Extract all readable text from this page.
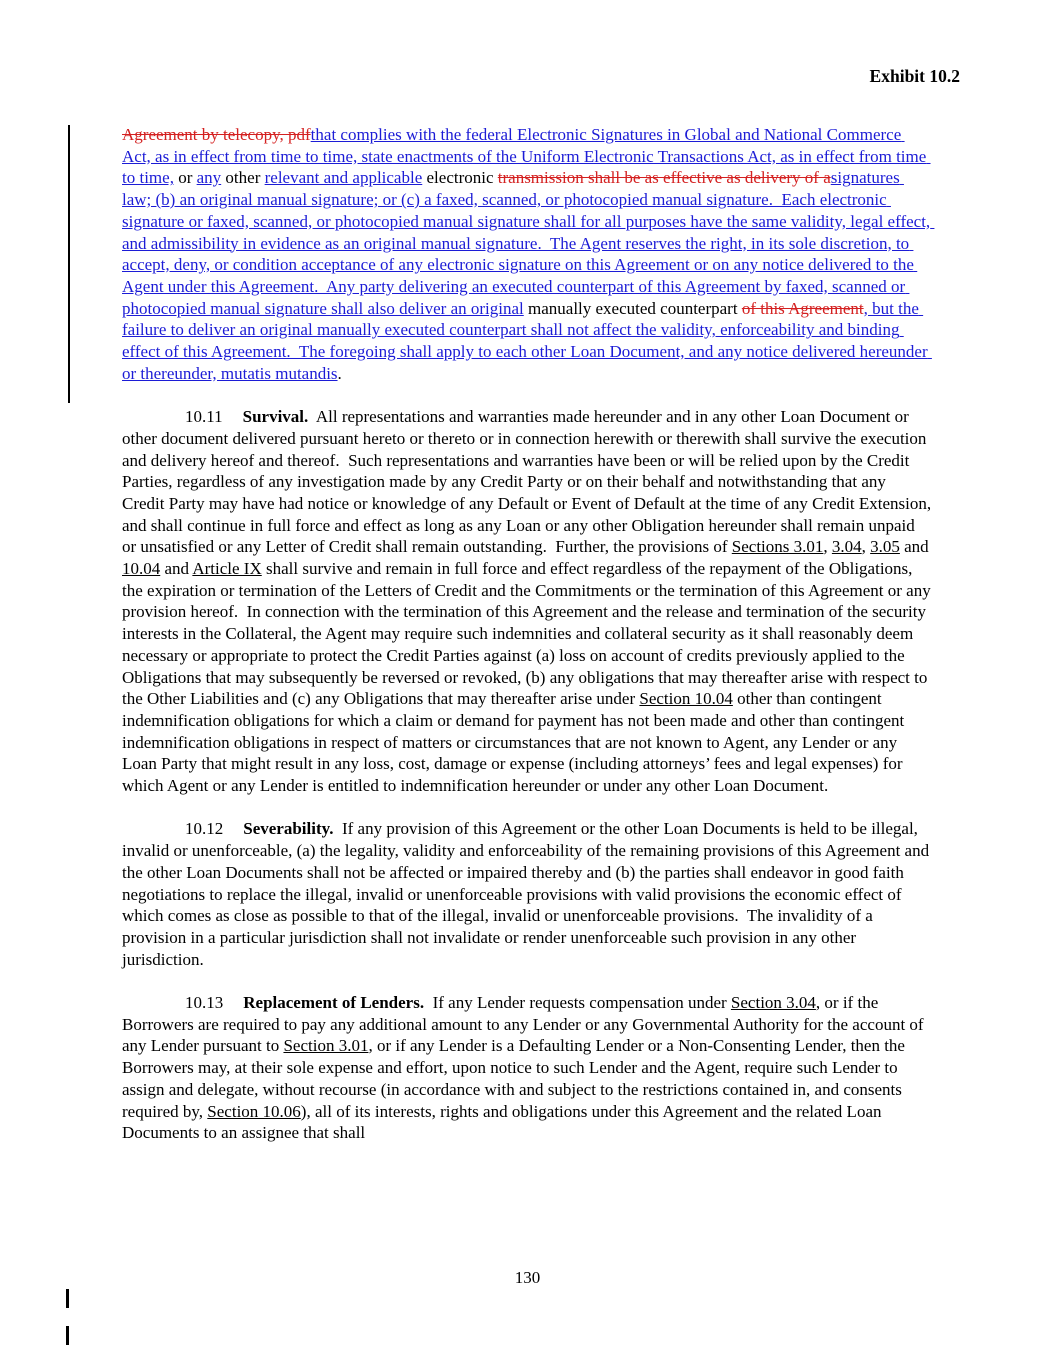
Exhibit 10.2

Agreement by telecopy, pdfthat complies with the federal Electronic Signatures in Global and National Commerce Act, as in effect from time to time, state enactments of the Uniform Electronic Transactions Act, as in effect from time to time, or any other relevant and applicable electronic transmission shall be as effective as delivery of asignatures law; (b) an original manual signature; or (c) a faxed, scanned, or photocopied manual signature.  Each electronic signature or faxed, scanned, or photocopied manual signature shall for all purposes have the same validity, legal effect, and admissibility in evidence as an original manual signature.  The Agent reserves the right, in its sole discretion, to accept, deny, or condition acceptance of any electronic signature on this Agreement or on any notice delivered to the Agent under this Agreement.  Any party delivering an executed counterpart of this Agreement by faxed, scanned or photocopied manual signature shall also deliver an original manually executed counterpart of this Agreement, but the failure to deliver an original manually executed counterpart shall not affect the validity, enforceability and binding effect of this Agreement.  The foregoing shall apply to each other Loan Document, and any notice delivered hereunder or thereunder, mutatis mutandis.

10.11 Survival.  All representations and warranties made hereunder and in any other Loan Document or other document delivered pursuant hereto or thereto or in connection herewith or therewith shall survive the execution and delivery hereof and thereof.  Such representations and warranties have been or will be relied upon by the Credit Parties, regardless of any investigation made by any Credit Party or on their behalf and notwithstanding that any Credit Party may have had notice or knowledge of any Default or Event of Default at the time of any Credit Extension, and shall continue in full force and effect as long as any Loan or any other Obligation hereunder shall remain unpaid or unsatisfied or any Letter of Credit shall remain outstanding.  Further, the provisions of Sections 3.01, 3.04, 3.05 and 10.04 and Article IX shall survive and remain in full force and effect regardless of the repayment of the Obligations, the expiration or termination of the Letters of Credit and the Commitments or the termination of this Agreement or any provision hereof.  In connection with the termination of this Agreement and the release and termination of the security interests in the Collateral, the Agent may require such indemnities and collateral security as it shall reasonably deem necessary or appropriate to protect the Credit Parties against (a) loss on account of credits previously applied to the Obligations that may subsequently be reversed or revoked, (b) any obligations that may thereafter arise with respect to the Other Liabilities and (c) any Obligations that may thereafter arise under Section 10.04 other than contingent indemnification obligations for which a claim or demand for payment has not been made and other than contingent indemnification obligations in respect of matters or circumstances that are not known to Agent, any Lender or any Loan Party that might result in any loss, cost, damage or expense (including attorneys’ fees and legal expenses) for which Agent or any Lender is entitled to indemnification hereunder or under any other Loan Document.

10.12 Severability.  If any provision of this Agreement or the other Loan Documents is held to be illegal, invalid or unenforceable, (a) the legality, validity and enforceability of the remaining provisions of this Agreement and the other Loan Documents shall not be affected or impaired thereby and (b) the parties shall endeavor in good faith negotiations to replace the illegal, invalid or unenforceable provisions with valid provisions the economic effect of which comes as close as possible to that of the illegal, invalid or unenforceable provisions.  The invalidity of a provision in a particular jurisdiction shall not invalidate or render unenforceable such provision in any other jurisdiction.

10.13 Replacement of Lenders.  If any Lender requests compensation under Section 3.04, or if the Borrowers are required to pay any additional amount to any Lender or any Governmental Authority for the account of any Lender pursuant to Section 3.01, or if any Lender is a Defaulting Lender or a Non-Consenting Lender, then the Borrowers may, at their sole expense and effort, upon notice to such Lender and the Agent, require such Lender to assign and delegate, without recourse (in accordance with and subject to the restrictions contained in, and consents required by, Section 10.06), all of its interests, rights and obligations under this Agreement and the related Loan Documents to an assignee that shall

130
